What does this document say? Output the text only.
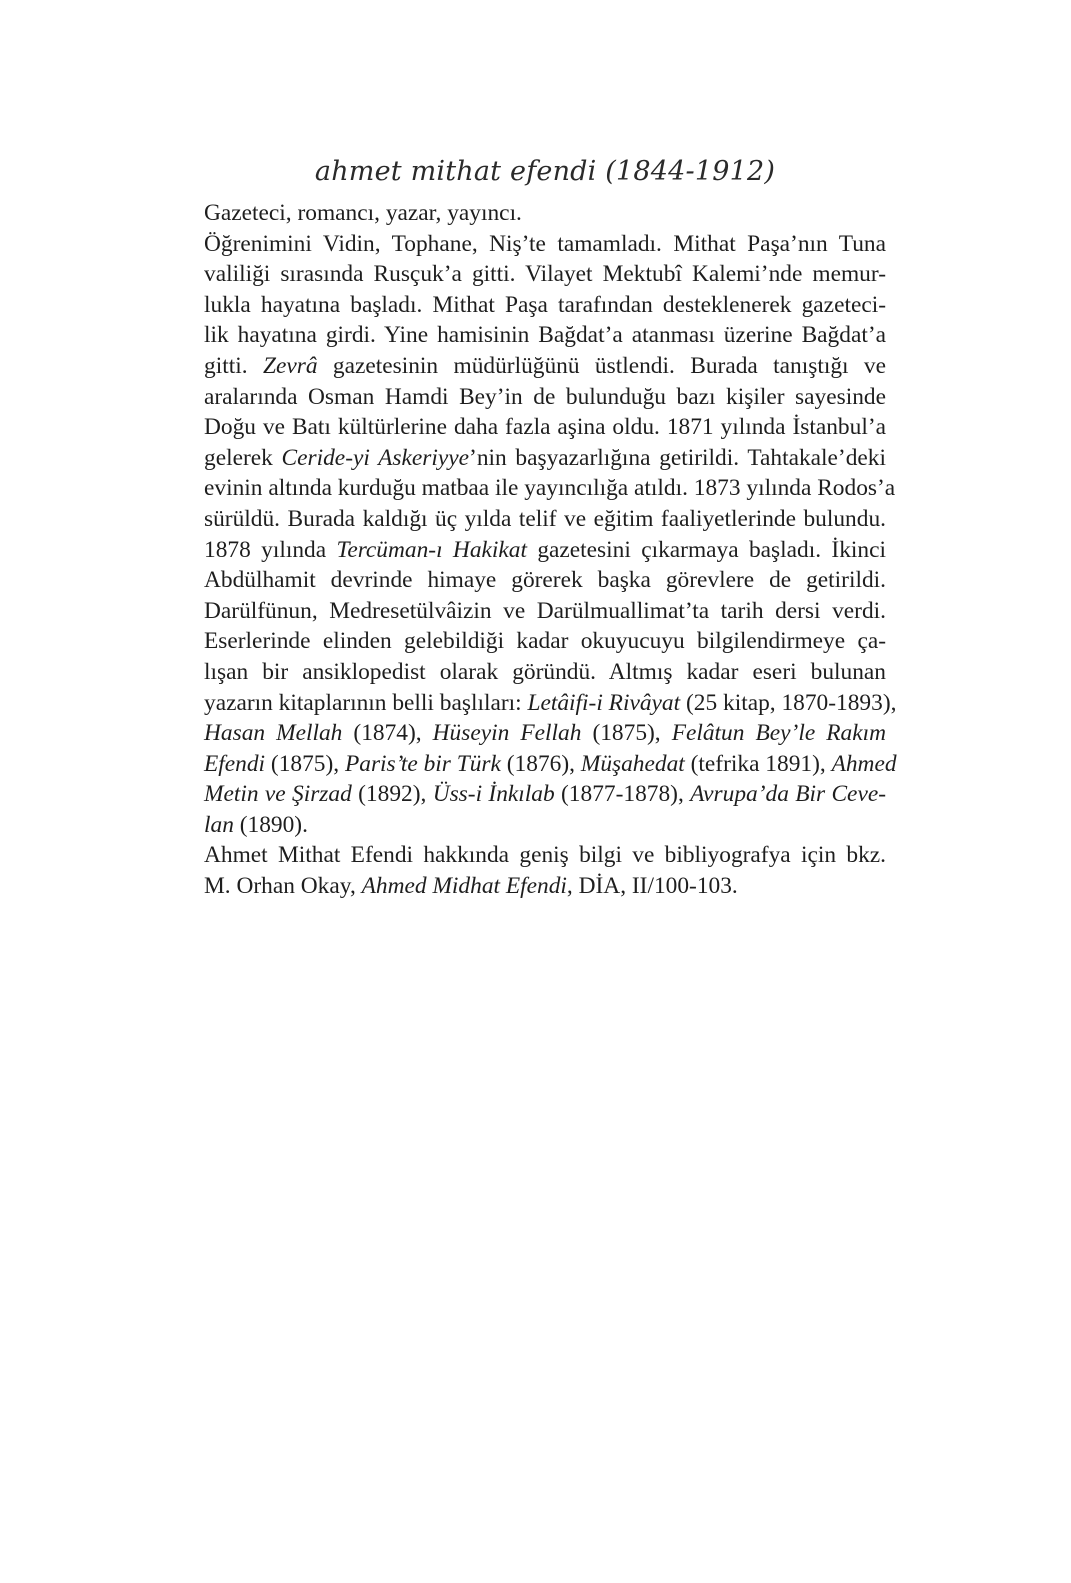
ahmet mithat efendi (1844-1912)
Gazeteci, romancı, yazar, yayıncı.
Öğrenimini Vidin, Tophane, Niş’te tamamladı. Mithat Paşa’nın Tuna
valiliği sırasında Rusçuk’a gitti. Vilayet Mektubî Kalemi’nde memur-
lukla hayatına başladı. Mithat Paşa tarafından desteklenerek gazeteci-
lik hayatına girdi. Yine hamisinin Bağdat’a atanması üzerine Bağdat’a
gitti. Zevrâ gazetesinin müdürlüğünü üstlendi. Burada tanıştığı ve
aralarında Osman Hamdi Bey’in de bulunduğu bazı kişiler sayesinde
Doğu ve Batı kültürlerine daha fazla aşina oldu. 1871 yılında İstanbul’a
gelerek Ceride-yi Askeriyye’nin başyazarlığına getirildi. Tahtakale’deki
evinin altında kurduğu matbaa ile yayıncılığa atıldı. 1873 yılında Rodos’a
sürüldü. Burada kaldığı üç yılda telif ve eğitim faaliyetlerinde bulundu.
1878 yılında Tercüman-ı Hakikat gazetesini çıkarmaya başladı. İkinci
Abdülhamit devrinde himaye görerek başka görevlere de getirildi.
Darülfünun, Medresetülvâizin ve Darülmuallimat’ta tarih dersi verdi.
Eserlerinde elinden gelebildiği kadar okuyucuyu bilgilendirmeye ça-
lışan bir ansiklopedist olarak göründü. Altmış kadar eseri bulunan
yazarın kitaplarının belli başlıları: Letâifi-i Rivâyat (25 kitap, 1870-1893),
Hasan Mellah (1874), Hüseyin Fellah (1875), Felâtun Bey’le Rakım
Efendi (1875), Paris’te bir Türk (1876), Müşahedat (tefrika 1891), Ahmed
Metin ve Şirzad (1892), Üss-i İnkılab (1877-1878), Avrupa’da Bir Ceve-
lan (1890).
Ahmet Mithat Efendi hakkında geniş bilgi ve bibliyografya için bkz.
M. Orhan Okay, Ahmed Midhat Efendi, DİA, II/100-103.
